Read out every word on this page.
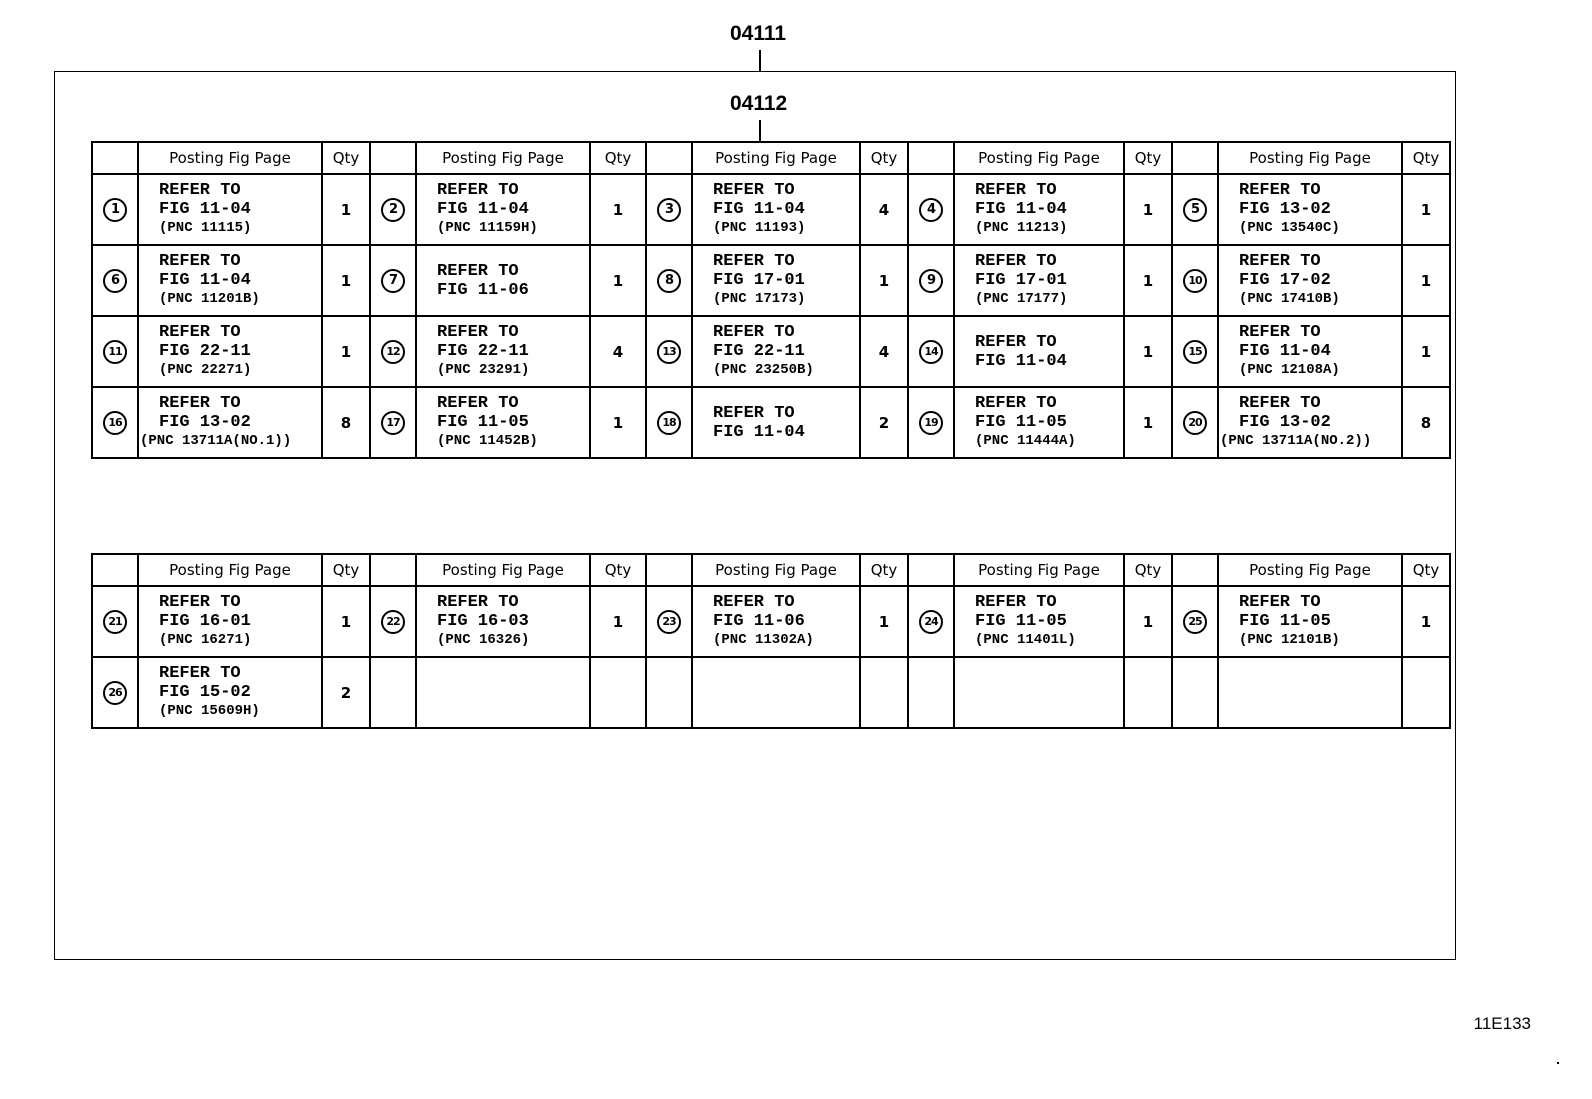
04111
04112
	Posting Fig Page	Qty		Posting Fig Page	Qty		Posting Fig Page	Qty		Posting Fig Page	Qty		Posting Fig Page	Qty
1	REFER TO
FIG 11-04
(PNC 11115)	1	2	REFER TO
FIG 11-04
(PNC 11159H)	1	3	REFER TO
FIG 11-04
(PNC 11193)	4	4	REFER TO
FIG 11-04
(PNC 11213)	1	5	REFER TO
FIG 13-02
(PNC 13540C)	1
6	REFER TO
FIG 11-04
(PNC 11201B)	1	7	REFER TO
FIG 11-06	1	8	REFER TO
FIG 17-01
(PNC 17173)	1	9	REFER TO
FIG 17-01
(PNC 17177)	1	10	REFER TO
FIG 17-02
(PNC 17410B)	1
11	REFER TO
FIG 22-11
(PNC 22271)	1	12	REFER TO
FIG 22-11
(PNC 23291)	4	13	REFER TO
FIG 22-11
(PNC 23250B)	4	14	REFER TO
FIG 11-04	1	15	REFER TO
FIG 11-04
(PNC 12108A)	1
16	REFER TO
FIG 13-02
(PNC 13711A(NO.1))	8	17	REFER TO
FIG 11-05
(PNC 11452B)	1	18	REFER TO
FIG 11-04	2	19	REFER TO
FIG 11-05
(PNC 11444A)	1	20	REFER TO
FIG 13-02
(PNC 13711A(NO.2))	8
	Posting Fig Page	Qty		Posting Fig Page	Qty		Posting Fig Page	Qty		Posting Fig Page	Qty		Posting Fig Page	Qty
21	REFER TO
FIG 16-01
(PNC 16271)	1	22	REFER TO
FIG 16-03
(PNC 16326)	1	23	REFER TO
FIG 11-06
(PNC 11302A)	1	24	REFER TO
FIG 11-05
(PNC 11401L)	1	25	REFER TO
FIG 11-05
(PNC 12101B)	1
26	REFER TO
FIG 15-02
(PNC 15609H)	2												
11E133
